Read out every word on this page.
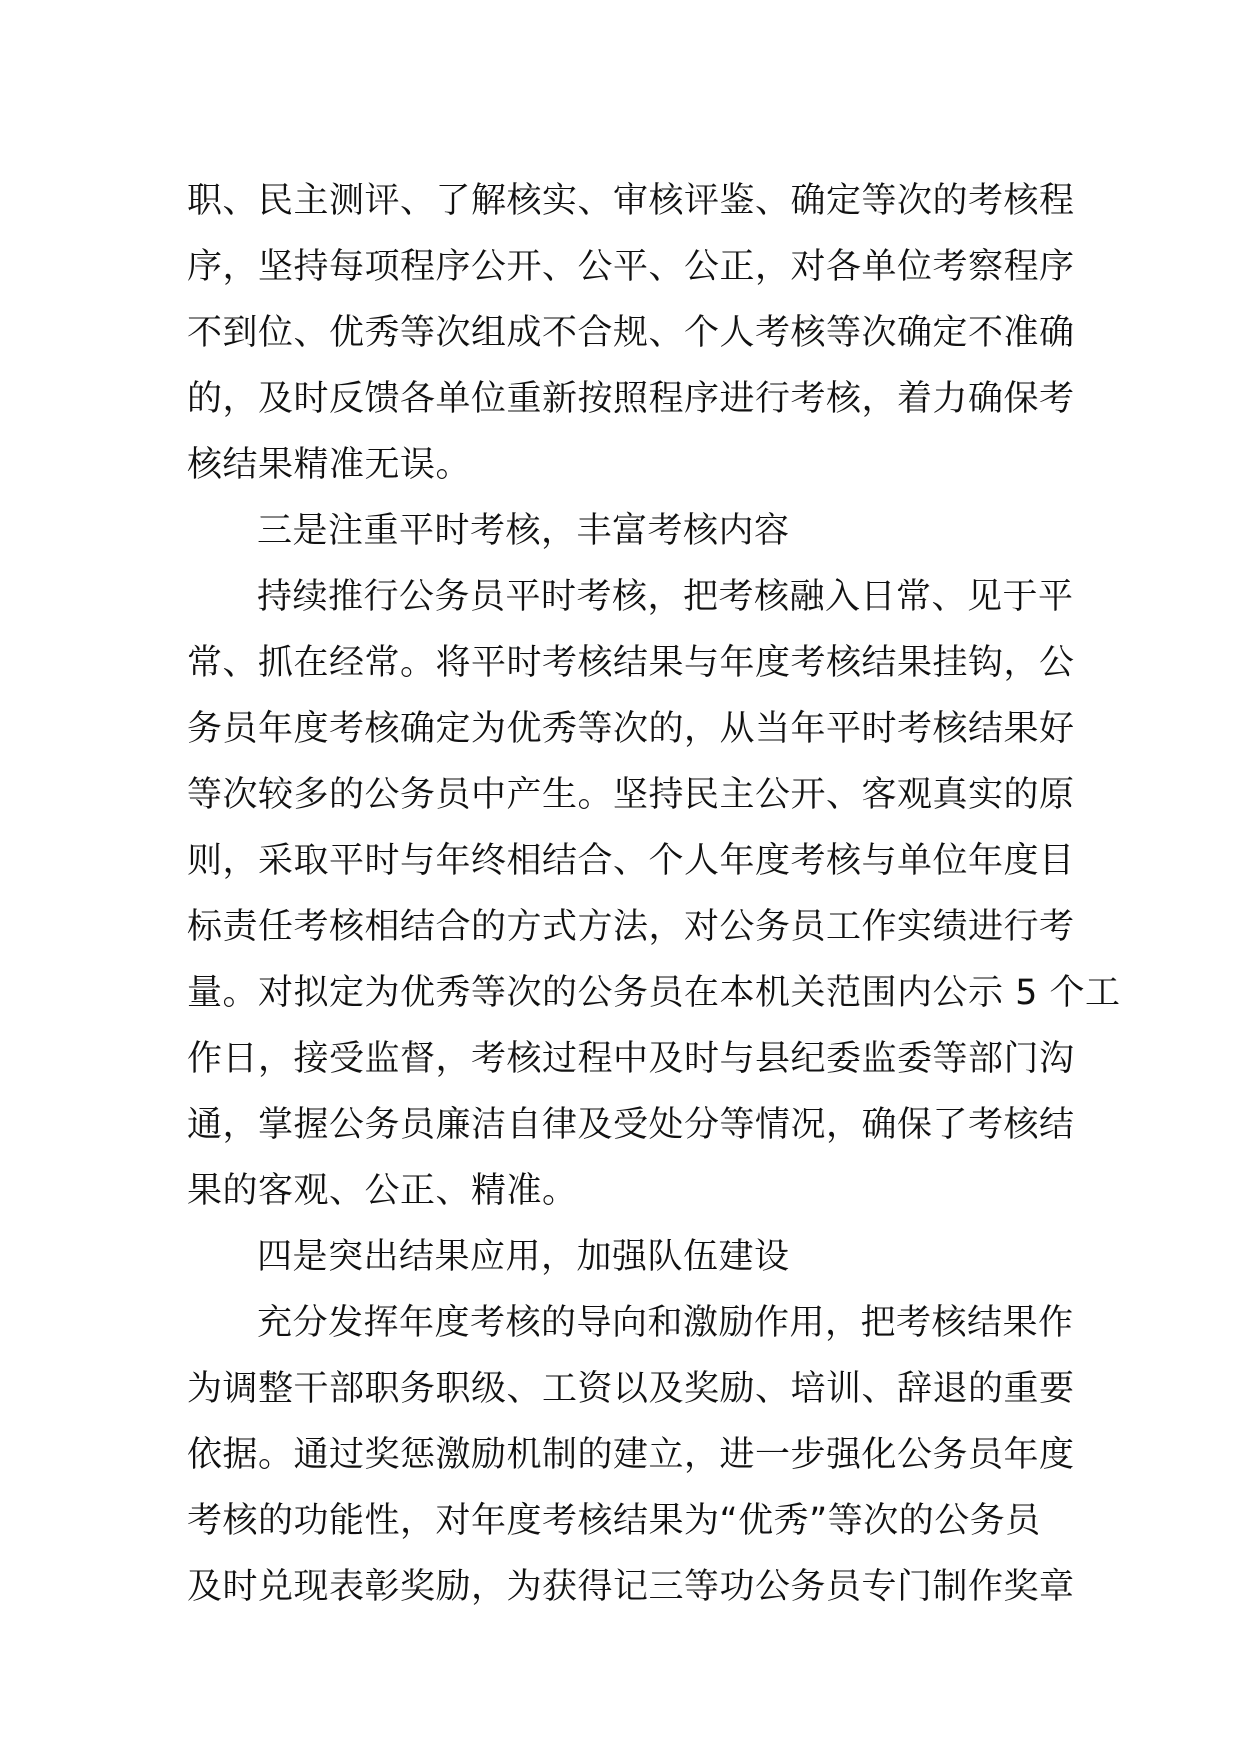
职、民主测评、了解核实、审核评鉴、确定等次的考核程
序，坚持每项程序公开、公平、公正，对各单位考察程序
不到位、优秀等次组成不合规、个人考核等次确定不准确
的，及时反馈各单位重新按照程序进行考核，着力确保考
核结果精准无误。
三是注重平时考核，丰富考核内容
持续推行公务员平时考核，把考核融入日常、见于平
常、抓在经常。将平时考核结果与年度考核结果挂钩，公
务员年度考核确定为优秀等次的，从当年平时考核结果好
等次较多的公务员中产生。坚持民主公开、客观真实的原
则，采取平时与年终相结合、个人年度考核与单位年度目
标责任考核相结合的方式方法，对公务员工作实绩进行考
量。对拟定为优秀等次的公务员在本机关范围内公示 5 个工
作日，接受监督，考核过程中及时与县纪委监委等部门沟
通，掌握公务员廉洁自律及受处分等情况，确保了考核结
果的客观、公正、精准。
四是突出结果应用，加强队伍建设
充分发挥年度考核的导向和激励作用，把考核结果作
为调整干部职务职级、工资以及奖励、培训、辞退的重要
依据。通过奖惩激励机制的建立，进一步强化公务员年度
考核的功能性，对年度考核结果为“优秀”等次的公务员
及时兑现表彰奖励，为获得记三等功公务员专门制作奖章
